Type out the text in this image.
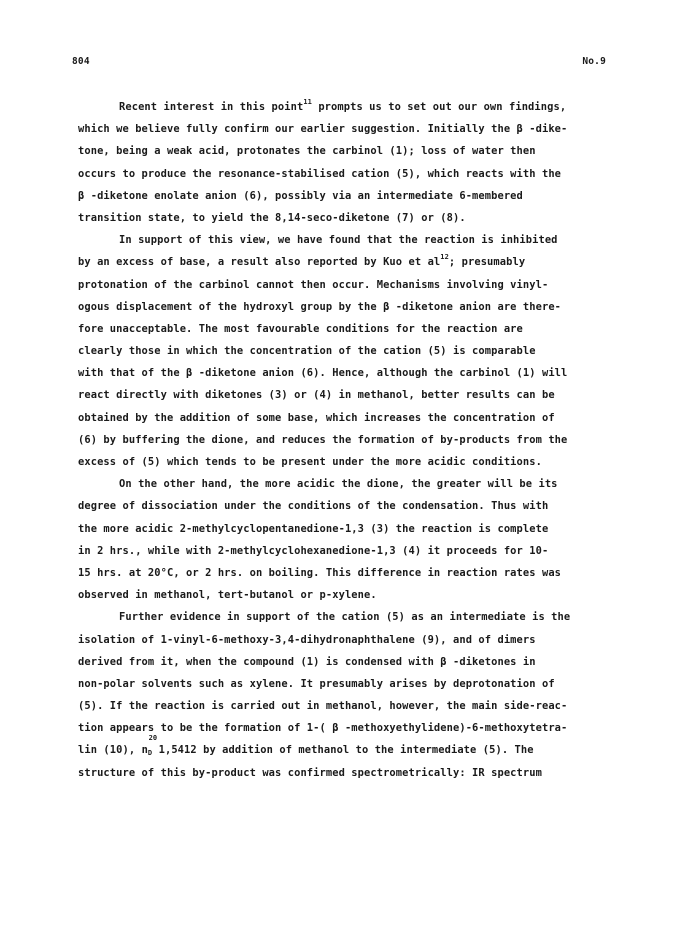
804	No.9
Recent interest in this point$^{11}$ prompts us to set out our own findings,
which we believe fully confirm our earlier suggestion. Initially the β -dike-
tone, being a weak acid, protonates the carbinol (1); loss of water then
occurs to produce the resonance-stabilised cation (5), which reacts with the
β -diketone enolate anion (6), possibly via an intermediate 6-membered
transition state, to yield the 8,14-seco-diketone (7) or (8).
In support of this view, we have found that the reaction is inhibited
by an excess of base, a result also reported by Kuo et $al^{12}$; presumably
protonation of the carbinol cannot then occur. Mechanisms involving vinyl-
ogous displacement of the hydroxyl group by the β -diketone anion are there-
fore unacceptable. The most favourable conditions for the reaction are
clearly those in which the concentration of the cation (5) is comparable
with that of the β -diketone anion (6). Hence, although the carbinol (1) will
react directly with diketones (3) or (4) in methanol, better results can be
obtained by the addition of some base, which increases the concentration of
(6) by buffering the dione, and reduces the formation of by-products from the
excess of (5) which tends to be present under the more acidic conditions.
On the other hand, the more acidic the dione, the greater will be its
degree of dissociation under the conditions of the condensation. Thus with
the more acidic 2-methylcyclopentanedione-1,3 (3) the reaction is complete
in 2 hrs., while with 2-methylcyclohexanedione-1,3 (4) it proceeds for 10-
15 hrs. at 20°C, or 2 hrs. on boiling. This difference in reaction rates was
observed in methanol, tert-butanol or p-xylene.
Further evidence in support of the cation (5) as an intermediate is the
isolation of 1-vinyl-6-methoxy-3,4-dihydronaphthalene (9), and of dimers
derived from it, when the compound (1) is condensed with β -diketones in
non-polar solvents such as xylene. It presumably arises by deprotonation of
(5). If the reaction is carried out in methanol, however, the main side-reac-
tion appears to be the formation of 1-( β -methoxyethylidene)-6-methoxytetra-
lin (10), n
20
$_D$ 1,5412 by addition of methanol to the intermediate (5). The
structure of this by-product was confirmed spectrometrically: IR spectrum
